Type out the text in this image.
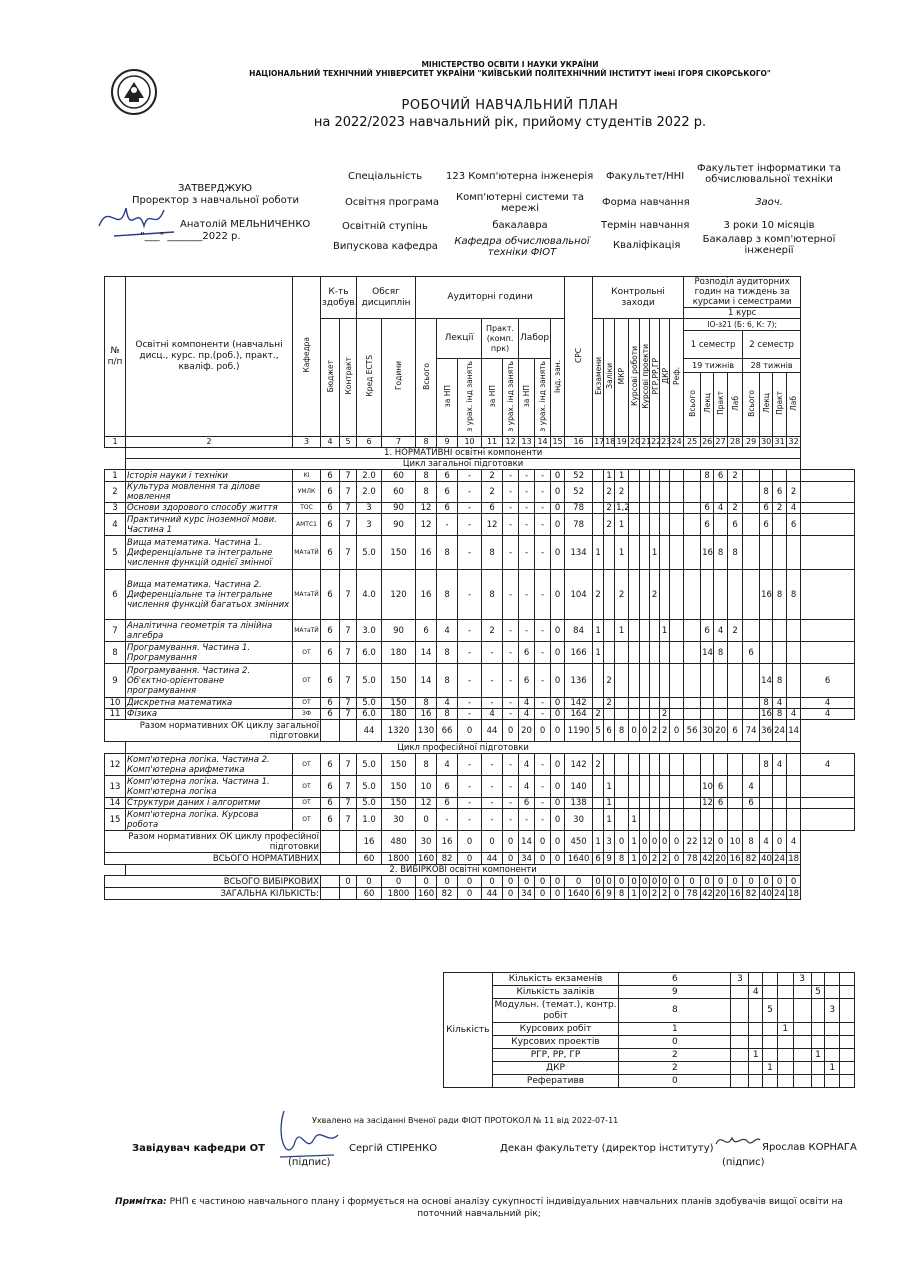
МІНІСТЕРСТВО ОСВІТИ І НАУКИ УКРАЇНИ
НАЦІОНАЛЬНИЙ ТЕХНІЧНИЙ УНІВЕРСИТЕТ УКРАЇНИ "КИЇВСЬКИЙ ПОЛІТЕХНІЧНИЙ ІНСТИТУТ імені ІГОРЯ СІКОРСЬКОГО"
РОБОЧИЙ НАВЧАЛЬНИЙ ПЛАН
на 2022/2023 навчальний рік, прийому студентів 2022 р.
ЗАТВЕРДЖУЮ
Проректор з навчальної роботи
Анатолій МЕЛЬНИЧЕНКО
"___" _______2022 р.
Спеціальність 123 Комп'ютерна інженерія
Освітня програма	Комп'ютерні системи та мережі
Освітній ступінь	бакалавра
Випускова кафедра	Кафедра обчислювальної техніки ФІОТ
Факультет/ННІ
Факультет інформатики та обчислювальної техніки
Форма навчання	Заоч.
Термін навчання	3 роки 10 місяців
Кваліфікація
Бакалавр з комп'ютерної інженерії
№ п/п	Освітні компоненти (навчальні дисц., курс. пр.(роб.), практ., кваліф. роб.)	Кафедра	К-ть здобув.		Обсяг дисциплін		Аудиторні години								СРС	Контрольні заходи								Розподіл аудиторних годин на тиждень за курсами і семестрами								
																								1 курс								
			Бюджет	Контракт	Кред ECTS	Години	Всього	Лекції		Практ. (комп. прк)		Лабор		Інд. зан.		Екзамени	Заліки	МКР	Курсові роботи	Курсові проекти	РГР,РР,ГР	ДКР	Реф.	ІО-з21 (Б: 6, К: 7);								
																								1 семестр				2 семестр				
								за НП	з урах. інд занять	за НП	з урах. інд занять	за НП	з урах. інд занять											19 тижнів				28 тижнів				
																								Всього	Лекц	Практ	Лаб	Всього	Лекц	Практ	Лаб	
1	2	3	4	5	6	7	8	9	10	11	12	13	14	15	16	17	18	19	20	21	22	23	24	25	26	27	28	29	30	31	32	
	1. НОРМАТИВНІ освітні компоненти																															
	Цикл загальної підготовки																															
1	Історія науки і техніки	КІ	6	7	2.0	60	8	6	-	2	-	-	-	0	52		1	1							8	6	2					
2	Культура мовлення та ділове мовлення	УМЛК	6	7	2.0	60	8	6	-	2	-	-	-	0	52		2	2											8	6	2	
3	Основи здорового способу життя	ТОС	6	7	3	90	12	6	-	6	-	-	-	0	78		2	1,2							6	4	2		6	2	4	
4	Практичний курс іноземної мови. Частина 1	АМТС1	6	7	3	90	12	-	-	12	-	-	-	0	78		2	1							6		6		6		6	
5	Вища математика. Частина 1. Диференціальне та інтегральне числення функцій однієї змінної	МАтаТЙ	6	7	5.0	150	16	8	-	8	-	-	-	0	134	1		1			1				16	8	8					
6	Вища математика. Частина 2. Диференціальне та інтегральне числення функцій багатьох змінних	МАтаТЙ	6	7	4.0	120	16	8	-	8	-	-	-	0	104	2		2			2								16	8	8	
7	Аналітична геометрія та лінійна алгебра	МАтаТЙ	6	7	3.0	90	6	4	-	2	-	-	-	0	84	1		1				1			6	4	2					
8	Програмування. Частина 1. Програмування	ОТ	6	7	6.0	180	14	8	-	-	-	6	-	0	166	1									14	8		6				
9	Програмування. Частина 2. Об'єктно-орієнтоване програмування	ОТ	6	7	5.0	150	14	8	-	-	-	6	-	0	136		2												14	8		6
10	Дискретна математика	ОТ	6	7	5.0	150	8	4	-	-	-	4	-	0	142		2												8	4		4
11	Фізика	ЗФ	6	7	6.0	180	16	8	-	4	-	4	-	0	164	2						2							16	8	4	4
Разом нормативних ОК циклу загальної підготовки					44	1320	130	66	0	44	0	20	0	0	1190	5	6	8	0	0	2	2	0	56	30	20	6	74	36	24	14	
	Цикл професійної підготовки																															
12	Комп'ютерна логіка. Частина 2. Комп'ютерна арифметика	ОТ	6	7	5.0	150	8	4	-	-	-	4	-	0	142	2													8	4		4
13	Комп'ютерна логіка. Частина 1. Комп'ютерна логіка	ОТ	6	7	5.0	150	10	6	-	-	-	4	-	0	140		1								10	6		4				
14	Структури даних і алгоритми	ОТ	6	7	5.0	150	12	6	-	-	-	6	-	0	138		1								12	6		6				
15	Комп'ютерна логіка. Курсова робота	ОТ	6	7	1.0	30	0	-	-	-	-	-	-	0	30		1		1													
Разом нормативних ОК циклу професійної підготовки					16	480	30	16	0	0	0	14	0	0	450	1	3	0	1	0	0	0	0	22	12	0	10	8	4	0	4	
ВСЬОГО НОРМАТИВНИХ					60	1800	160	82	0	44	0	34	0	0	1640	6	9	8	1	0	2	2	0	78	42	20	16	82	40	24	18	
	2. ВИБІРКОВІ освітні компоненти																															
ВСЬОГО ВИБІРКОВИХ				0	0	0	0	0	0	0	0	0	0	0	0	0	0	0	0	0	0	0	0	0	0	0	0	0	0	0	0	
ЗАГАЛЬНА КІЛЬКІСТЬ:					60	1800	160	82	0	44	0	34	0	0	1640	6	9	8	1	0	2	2	0	78	42	20	16	82	40	24	18	
Кількість	Кількість екзаменів	6	3				3			
	Кількість заліків	9		4				5		
	Модульн. (темат.), контр. робіт	8			5				3	
	Курсових робіт	1				1				
	Курсових проектів	0								
	РГР, РР, ГР	2		1				1		
	ДКР	2			1				1	
	Реферативв	0								
Ухвалено на засіданні Вченої ради ФІОТ ПРОТОКОЛ № 11 від 2022-07-11
Завідувач кафедри ОТ
(підпис)
Сергій СТІРЕНКО	Декан факультету (директор інституту)	Ярослав КОРНАГА
(підпис)
Примітка: РНП є частиною навчального плану і формується на основі аналізу сукупності індивідуальних навчальних планів здобувачів вищої освіти на поточний навчальний рік;
